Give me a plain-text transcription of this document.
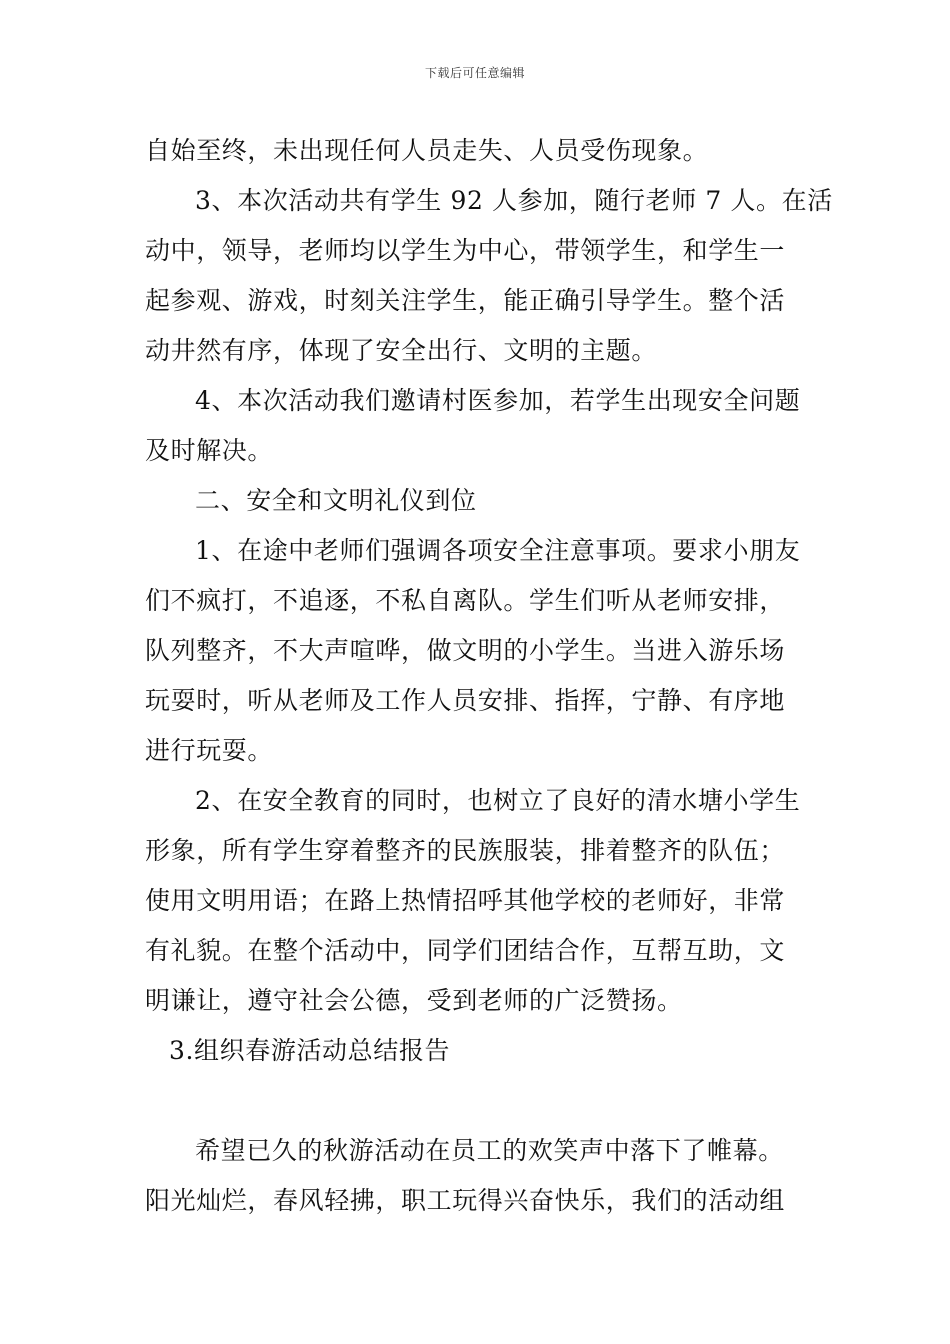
下载后可任意编辑
自始至终，未出现任何人员走失、人员受伤现象。
3、本次活动共有学生 92 人参加，随行老师 7 人。在活
动中，领导，老师均以学生为中心，带领学生，和学生一
起参观、游戏，时刻关注学生，能正确引导学生。整个活
动井然有序，体现了安全出行、文明的主题。
4、本次活动我们邀请村医参加，若学生出现安全问题
及时解决。
二、安全和文明礼仪到位
1、在途中老师们强调各项安全注意事项。要求小朋友
们不疯打，不追逐，不私自离队。学生们听从老师安排，
队列整齐，不大声喧哗，做文明的小学生。当进入游乐场
玩耍时，听从老师及工作人员安排、指挥，宁静、有序地
进行玩耍。
2、在安全教育的同时，也树立了良好的清水塘小学生
形象，所有学生穿着整齐的民族服装，排着整齐的队伍；
使用文明用语；在路上热情招呼其他学校的老师好，非常
有礼貌。在整个活动中，同学们团结合作，互帮互助，文
明谦让，遵守社会公德，受到老师的广泛赞扬。
3.组织春游活动总结报告
希望已久的秋游活动在员工的欢笑声中落下了帷幕。
阳光灿烂，春风轻拂，职工玩得兴奋快乐，我们的活动组
